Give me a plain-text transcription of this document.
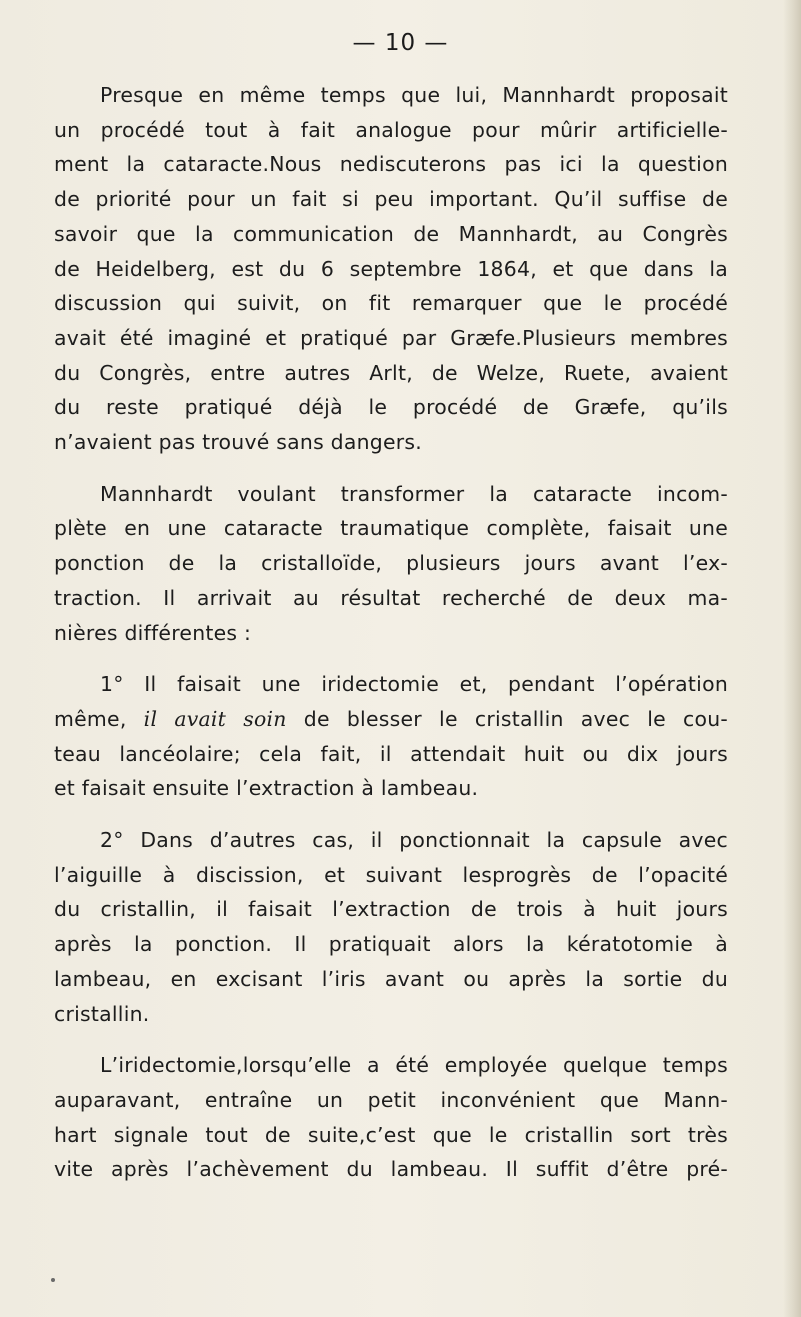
— 10 —
Presque en même temps que lui, Mannhardt proposait
un procédé tout à fait analogue pour mûrir artificielle-
ment la cataracte.Nous nediscuterons pas ici la question
de priorité pour un fait si peu important. Qu’il suffise de
savoir que la communication de Mannhardt, au Congrès
de Heidelberg, est du 6 septembre 1864, et que dans la
discussion qui suivit, on fit remarquer que le procédé
avait été imaginé et pratiqué par Græfe.Plusieurs membres
du Congrès, entre autres Arlt, de Welze, Ruete, avaient
du reste pratiqué déjà le procédé de Græfe, qu’ils
n’avaient pas trouvé sans dangers.
Mannhardt voulant transformer la cataracte incom-
plète en une cataracte traumatique complète, faisait une
ponction de la cristalloïde, plusieurs jours avant l’ex-
traction. Il arrivait au résultat recherché de deux ma-
nières différentes :
1° Il faisait une iridectomie et, pendant l’opération
même, il avait soin de blesser le cristallin avec le cou-
teau lancéolaire; cela fait, il attendait huit ou dix jours
et faisait ensuite l’extraction à lambeau.
2° Dans d’autres cas, il ponctionnait la capsule avec
l’aiguille à discission, et suivant lesprogrès de l’opacité
du cristallin, il faisait l’extraction de trois à huit jours
après la ponction. Il pratiquait alors la kératotomie à
lambeau, en excisant l’iris avant ou après la sortie du
cristallin.
L’iridectomie,lorsqu’elle a été employée quelque temps
auparavant, entraîne un petit inconvénient que Mann-
hart signale tout de suite,c’est que le cristallin sort très
vite après l’achèvement du lambeau. Il suffit d’être pré-
